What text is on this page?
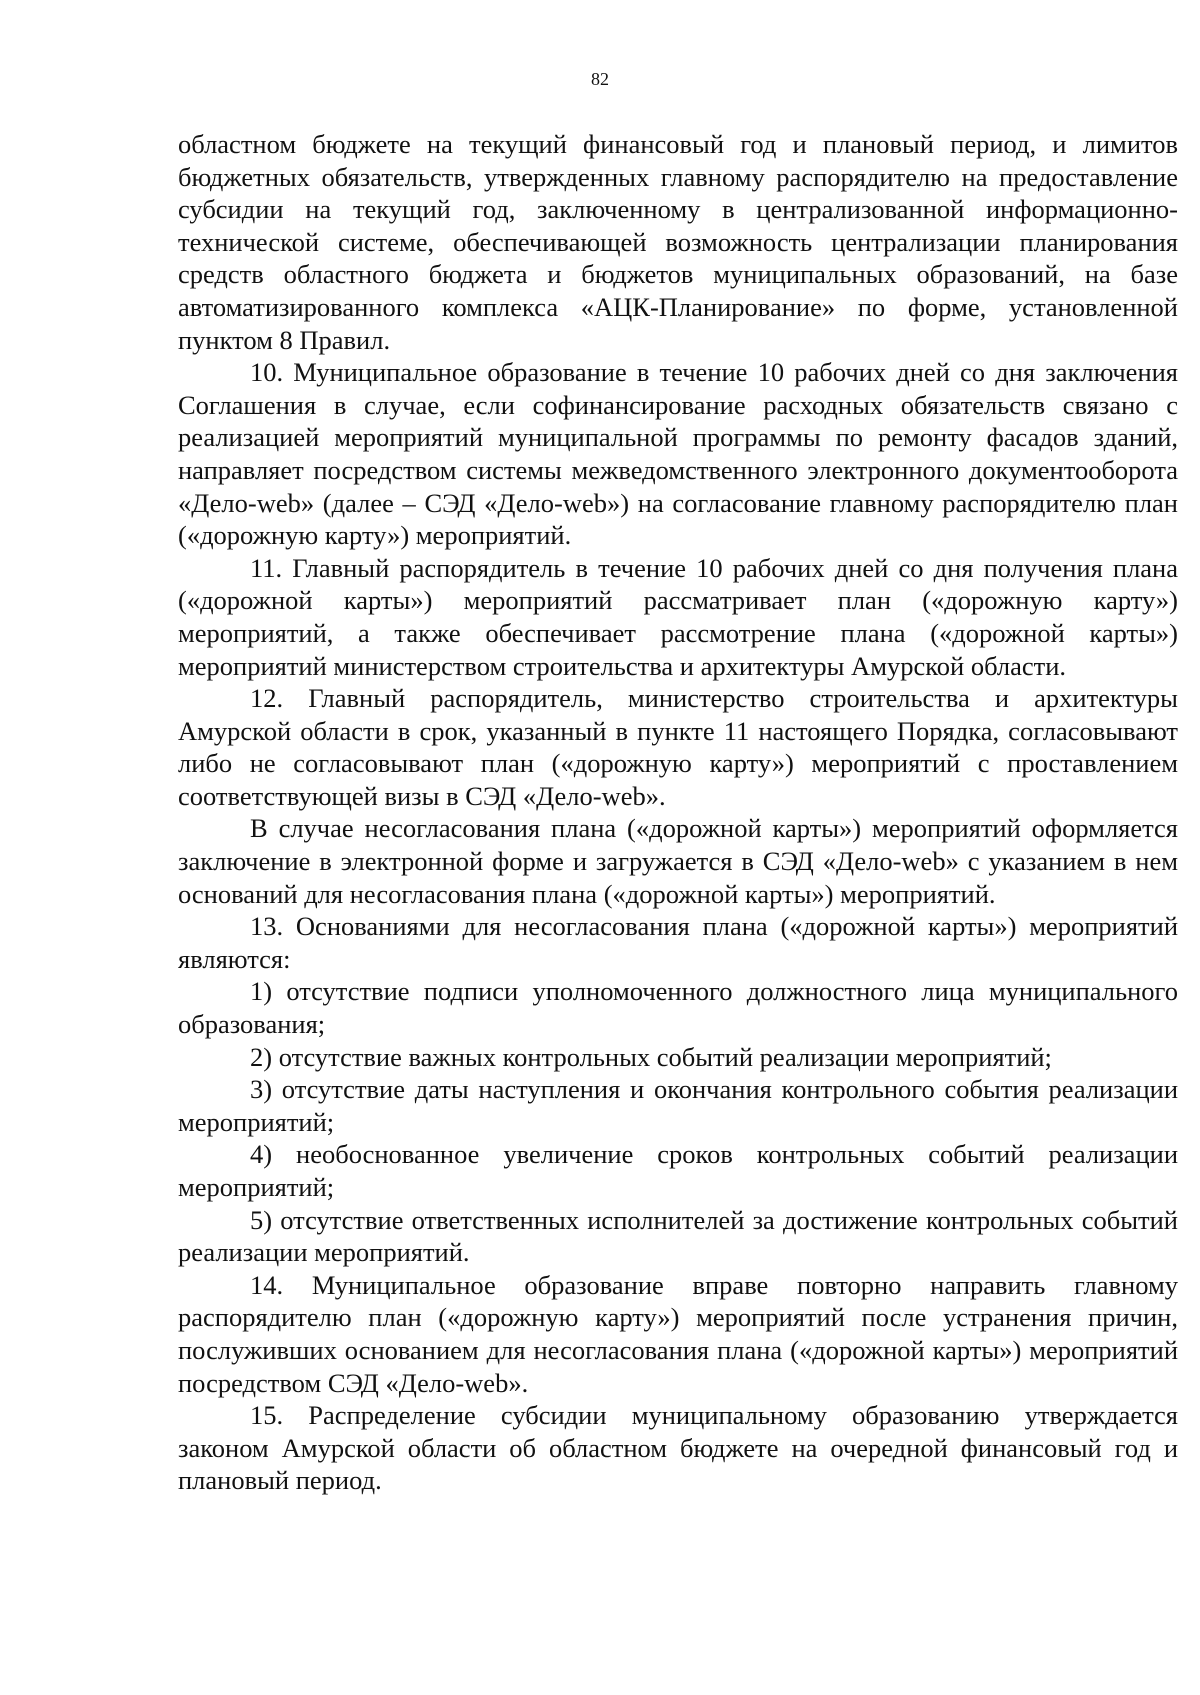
82

областном бюджете на текущий финансовый год и плановый период, и лимитов бюджетных обязательств, утвержденных главному распорядителю на предоставление субсидии на текущий год, заключенному в централизованной информационно-технической системе, обеспечивающей возможность централизации планирования средств областного бюджета и бюджетов муниципальных образований, на базе автоматизированного комплекса «АЦК-Планирование» по форме, установленной пунктом 8 Правил.

10. Муниципальное образование в течение 10 рабочих дней со дня заключения Соглашения в случае, если софинансирование расходных обязательств связано с реализацией мероприятий муниципальной программы по ремонту фасадов зданий, направляет посредством системы межведомственного электронного документооборота «Дело-web» (далее – СЭД «Дело-web») на согласование главному распорядителю план («дорожную карту») мероприятий.

11. Главный распорядитель в течение 10 рабочих дней со дня получения плана («дорожной карты») мероприятий рассматривает план («дорожную карту») мероприятий, а также обеспечивает рассмотрение плана («дорожной карты») мероприятий министерством строительства и архитектуры Амурской области.

12. Главный распорядитель, министерство строительства и архитектуры Амурской области в срок, указанный в пункте 11 настоящего Порядка, согласовывают либо не согласовывают план («дорожную карту») мероприятий с проставлением соответствующей визы в СЭД «Дело-web».

В случае несогласования плана («дорожной карты») мероприятий оформляется заключение в электронной форме и загружается в СЭД «Дело-web» с указанием в нем оснований для несогласования плана («дорожной карты») мероприятий.

13. Основаниями для несогласования плана («дорожной карты») мероприятий являются:

1) отсутствие подписи уполномоченного должностного лица муниципального образования;

2) отсутствие важных контрольных событий реализации мероприятий;

3) отсутствие даты наступления и окончания контрольного события реализации мероприятий;

4) необоснованное увеличение сроков контрольных событий реализации мероприятий;

5) отсутствие ответственных исполнителей за достижение контрольных событий реализации мероприятий.

14. Муниципальное образование вправе повторно направить главному распорядителю план («дорожную карту») мероприятий после устранения причин, послуживших основанием для несогласования плана («дорожной карты») мероприятий посредством СЭД «Дело-web».

15. Распределение субсидии муниципальному образованию утверждается законом Амурской области об областном бюджете на очередной финансовый год и плановый период.
